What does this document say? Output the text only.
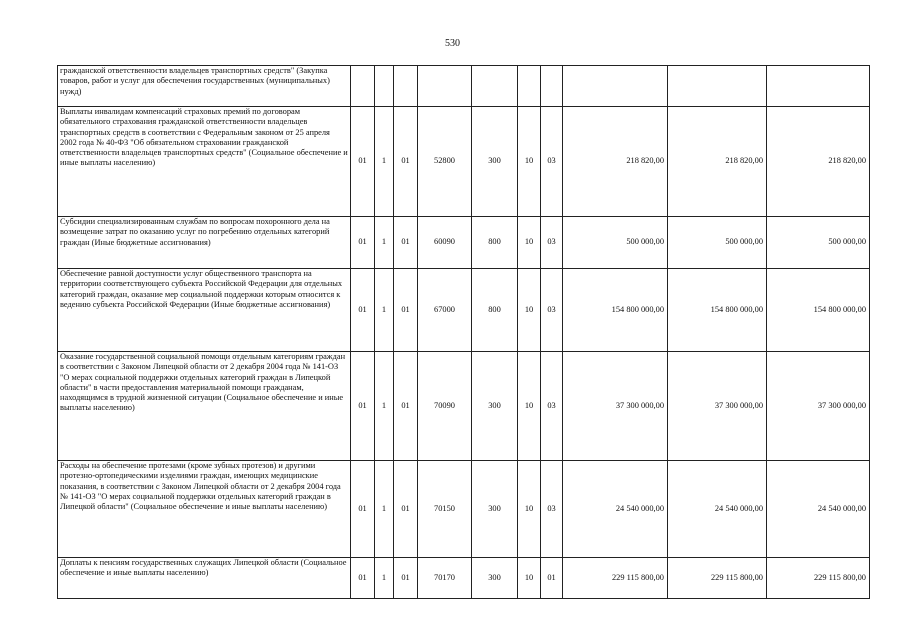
530
гражданской ответственности владельцев транспортных средств" (Закупка товаров, работ и услуг для обеспечения государственных (муниципальных) нужд)										
Выплаты инвалидам компенсаций страховых премий по договорам обязательного страхования гражданской ответственности владельцев транспортных средств в соответствии с Федеральным законом от 25 апреля 2002 года № 40-ФЗ "Об обязательном страховании гражданской ответственности владельцев транспортных средств" (Социальное обеспечение и иные выплаты населению)	01	1	01	52800	300	10	03	218 820,00	218 820,00	218 820,00
Субсидии специализированным службам по вопросам похоронного дела на возмещение затрат по оказанию услуг по погребению отдельных категорий граждан (Иные бюджетные ассигнования)	01	1	01	60090	800	10	03	500 000,00	500 000,00	500 000,00
Обеспечение равной доступности услуг общественного транспорта на территории соответствующего субъекта Российской Федерации для отдельных категорий граждан, оказание мер социальной поддержки которым относится к ведению субъекта Российской Федерации (Иные бюджетные ассигнования)	01	1	01	67000	800	10	03	154 800 000,00	154 800 000,00	154 800 000,00
Оказание государственной социальной помощи отдельным категориям граждан в соответствии с Законом Липецкой области от 2 декабря 2004 года № 141-ОЗ "О мерах социальной поддержки отдельных категорий граждан в Липецкой области" в части предоставления материальной помощи гражданам, находящимся в трудной жизненной ситуации (Социальное обеспечение и иные выплаты населению)	01	1	01	70090	300	10	03	37 300 000,00	37 300 000,00	37 300 000,00
Расходы на обеспечение протезами (кроме зубных протезов) и другими протезно-ортопедическими изделиями граждан, имеющих медицинские показания, в соответствии с Законом Липецкой области от 2 декабря 2004 года № 141-ОЗ "О мерах социальной поддержки отдельных категорий граждан в Липецкой области" (Социальное обеспечение и иные выплаты населению)	01	1	01	70150	300	10	03	24 540 000,00	24 540 000,00	24 540 000,00
Доплаты к пенсиям государственных служащих Липецкой области (Социальное обеспечение и иные выплаты населению)	01	1	01	70170	300	10	01	229 115 800,00	229 115 800,00	229 115 800,00
